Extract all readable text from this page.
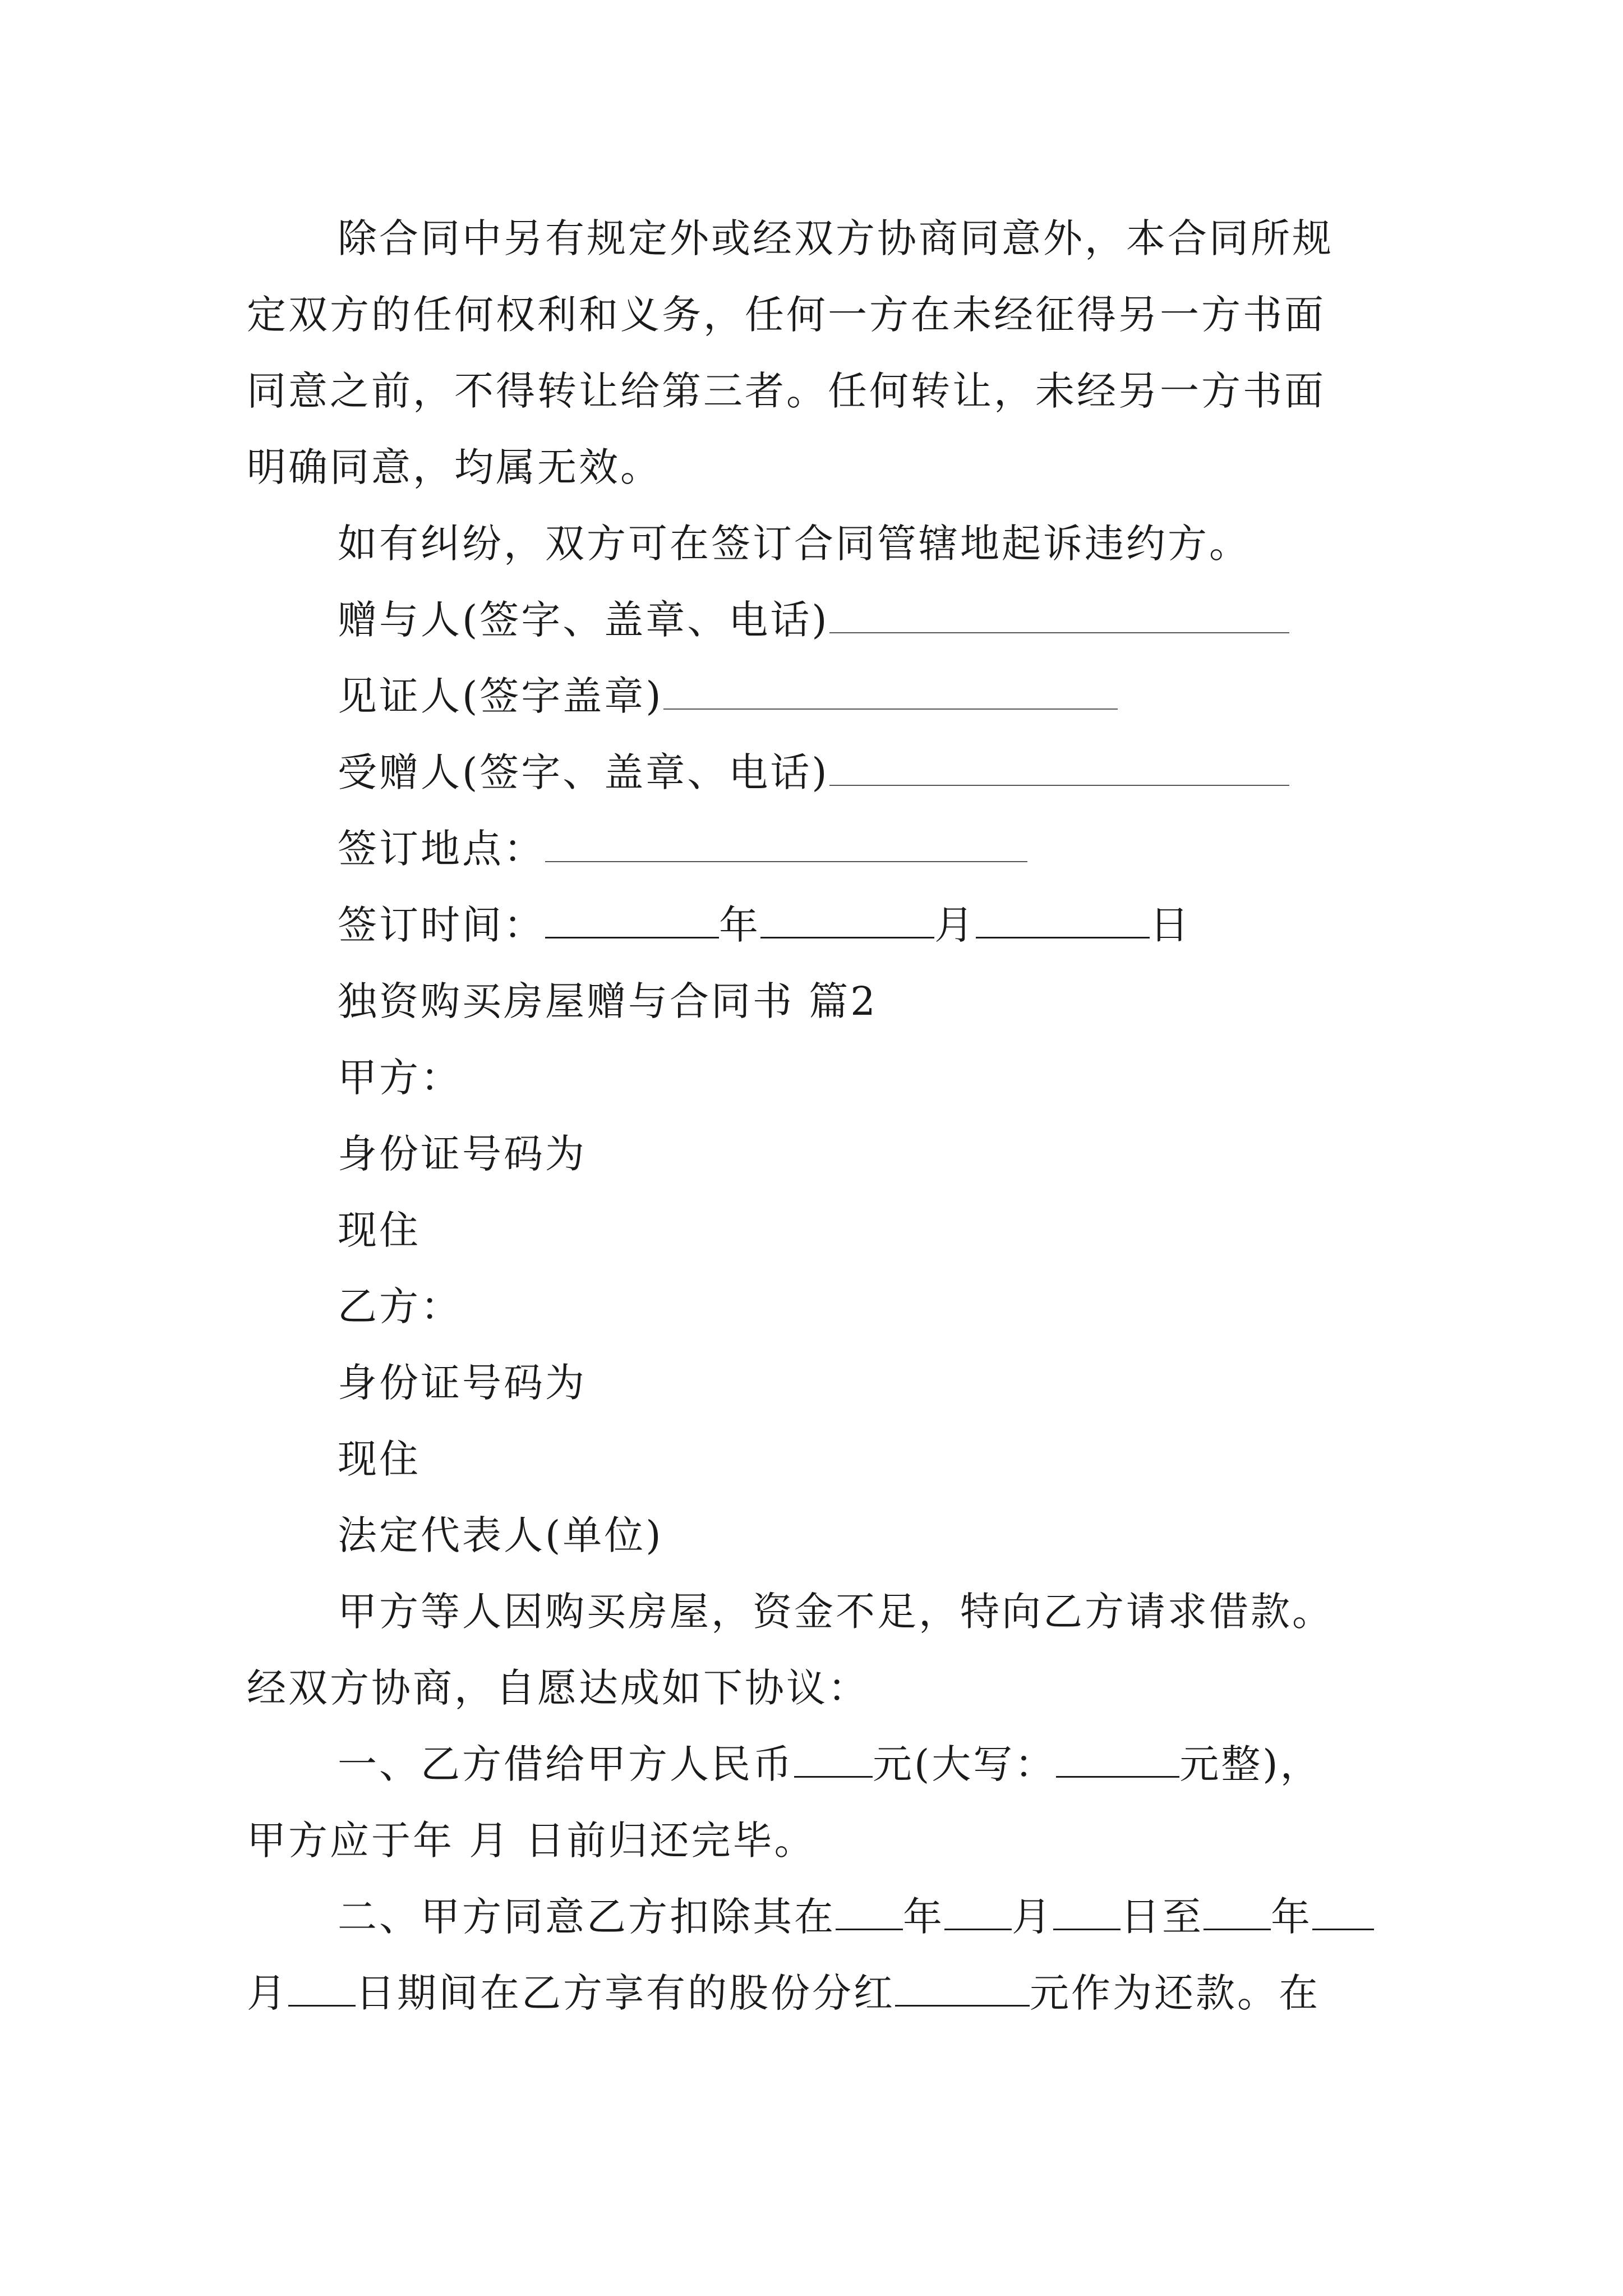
除合同中另有规定外或经双方协商同意外，本合同所规
定双方的任何权利和义务，任何一方在未经征得另一方书面
同意之前，不得转让给第三者。任何转让，未经另一方书面
明确同意，均属无效。
如有纠纷，双方可在签订合同管辖地起诉违约方。
赠与人(签字、盖章、电话)
见证人(签字盖章)
受赠人(签字、盖章、电话)
签订地点：
签订时间：	年	月	日
独资购买房屋赠与合同书 篇2
甲方：
身份证号码为
现住
乙方：
身份证号码为
现住
法定代表人(单位)
甲方等人因购买房屋，资金不足，特向乙方请求借款。
经双方协商，自愿达成如下协议：
一、乙方借给甲方人民币 元(大写：	元整)，
甲方应于年 月 日前归还完毕。
二、甲方同意乙方扣除其在 年 月 日至 年
月 日期间在乙方享有的股份分红	元作为还款。在
